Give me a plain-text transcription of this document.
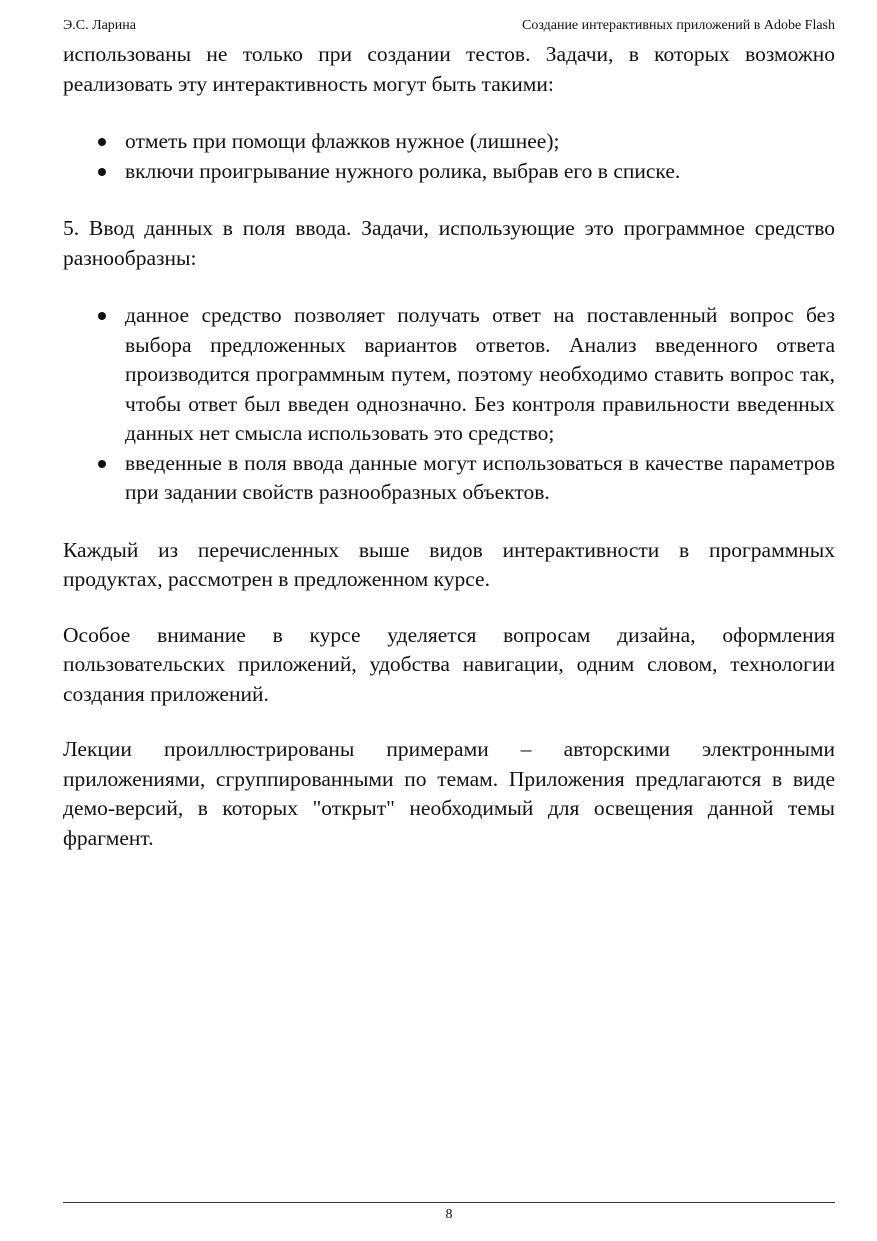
Э.С. Ларина	Создание интерактивных приложений в Adobe Flash

использованы не только при создании тестов. Задачи, в которых возможно реализовать эту интерактивность могут быть такими:

отметь при помощи флажков нужное (лишнее);
включи проигрывание нужного ролика, выбрав его в списке.

5. Ввод данных в поля ввода. Задачи, использующие это программное средство разнообразны:

данное средство позволяет получать ответ на поставленный вопрос без выбора предложенных вариантов ответов. Анализ введенного ответа производится программным путем, поэтому необходимо ставить вопрос так, чтобы ответ был введен однозначно. Без контроля правильности введенных данных нет смысла использовать это средство;
введенные в поля ввода данные могут использоваться в качестве параметров при задании свойств разнообразных объектов.

Каждый из перечисленных выше видов интерактивности в программных продуктах, рассмотрен в предложенном курсе.

Особое внимание в курсе уделяется вопросам дизайна, оформления пользовательских приложений, удобства навигации, одним словом, технологии создания приложений.

Лекции проиллюстрированы примерами – авторскими электронными приложениями, сгруппированными по темам. Приложения предлагаются в виде демо-версий, в которых "открыт" необходимый для освещения данной темы фрагмент.

8
